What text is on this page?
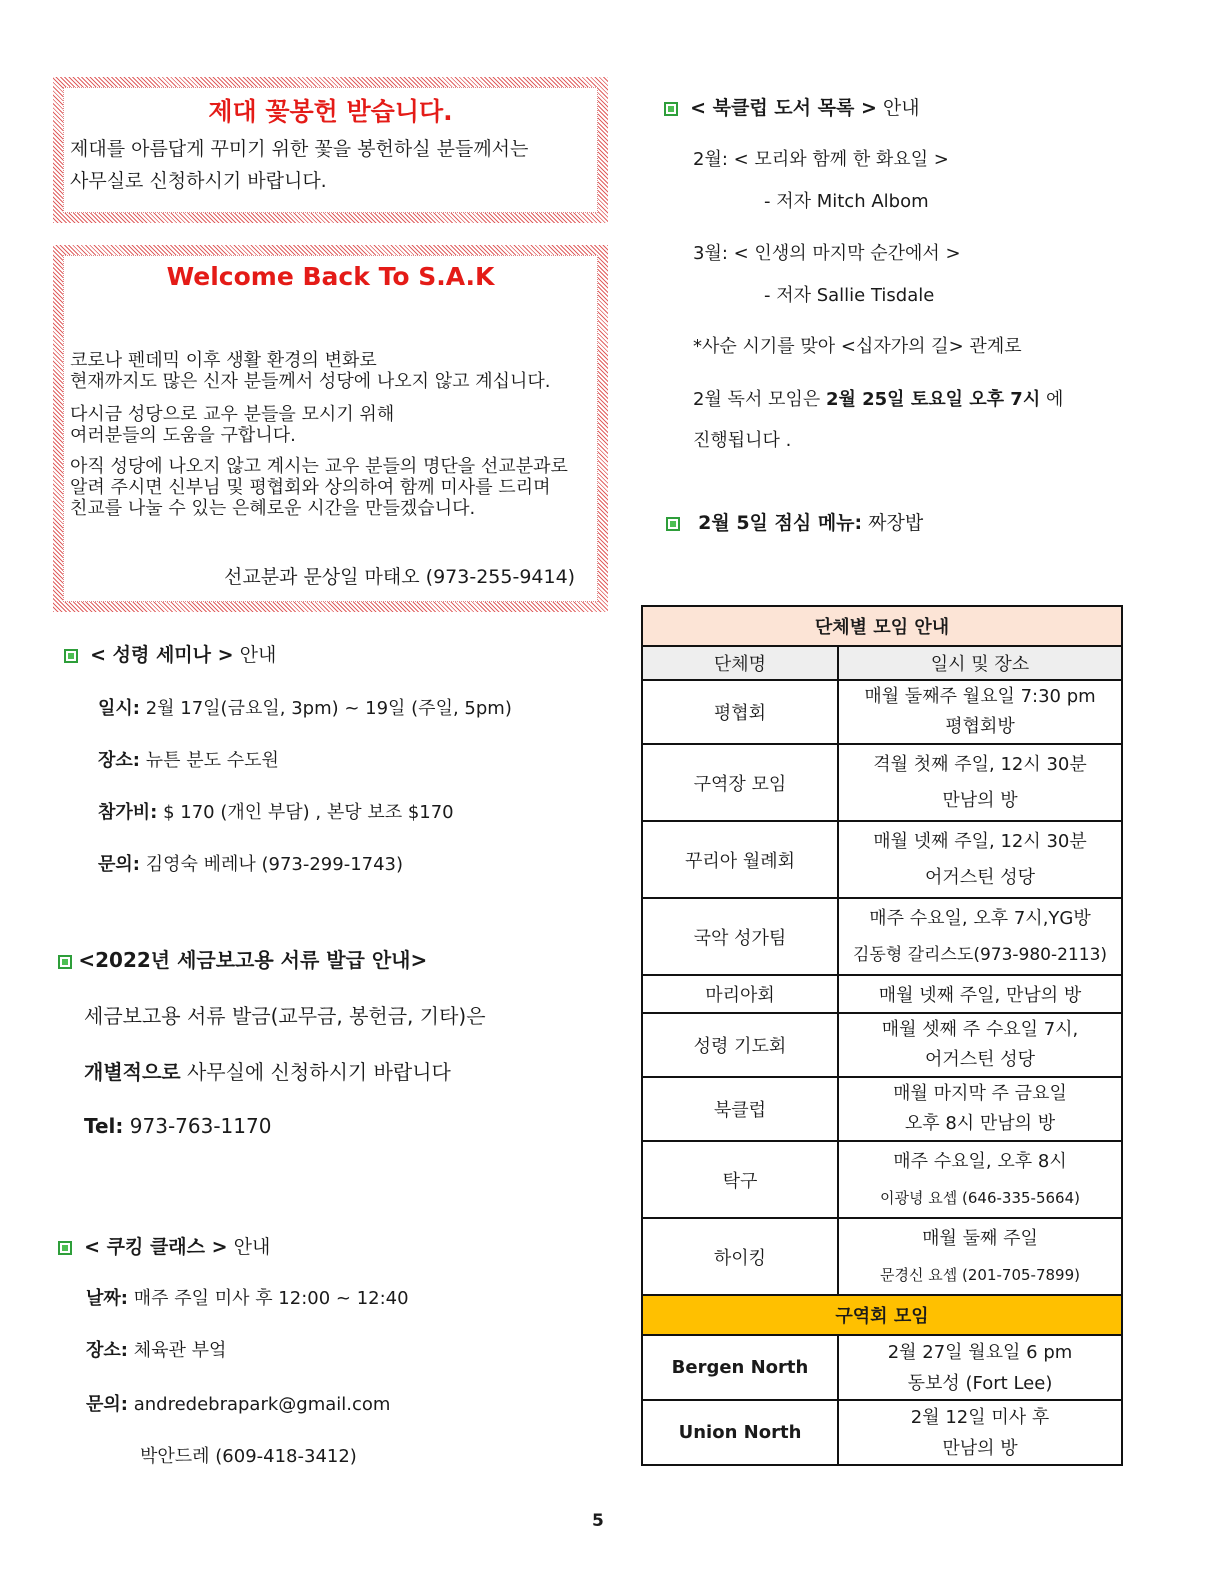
제대 꽃봉헌 받습니다.
제대를 아름답게 꾸미기 위한 꽃을 봉헌하실 분들께서는
사무실로 신청하시기 바랍니다.
Welcome Back To S.A.K
코로나 펜데믹 이후 생활 환경의 변화로
현재까지도 많은 신자 분들께서 성당에 나오지 않고 계십니다.
다시금 성당으로 교우 분들을 모시기 위해
여러분들의 도움을 구합니다.
아직 성당에 나오지 않고 계시는 교우 분들의 명단을 선교분과로
알려 주시면 신부님 및 평협회와 상의하여 함께 미사를 드리며
친교를 나눌 수 있는 은혜로운 시간을 만들겠습니다.
선교분과 문상일 마태오 (973-255-9414)
< 성령 세미나 > 안내
일시: 2월 17일(금요일, 3pm) ~ 19일 (주일, 5pm)
장소: 뉴튼 분도 수도원
참가비: $ 170 (개인 부담) , 본당 보조 $170
문의: 김영숙 베레나 (973-299-1743)
<2022년 세금보고용 서류 발급 안내>
세금보고용 서류 발금(교무금, 봉헌금, 기타)은
개별적으로 사무실에 신청하시기 바랍니다
Tel: 973-763-1170
< 쿠킹 클래스 > 안내
날짜: 매주 주일 미사 후 12:00 ~ 12:40
장소: 체육관 부엌
문의: andredebrapark@gmail.com
박안드레 (609-418-3412)
< 북클럽 도서 목록 > 안내
2월: < 모리와 함께 한 화요일 >
- 저자 Mitch Albom
3월: < 인생의 마지막 순간에서 >
- 저자 Sallie Tisdale
*사순 시기를 맞아 <십자가의 길> 관계로
2월 독서 모임은 2월 25일 토요일 오후 7시 에
진행됩니다 .
2월 5일 점심 메뉴: 짜장밥
단체별 모임 안내	
단체명	일시 및 장소
평협회	매월 둘째주 월요일 7:30 pm
평협회방

구역장 모임	격월 첫째 주일, 12시 30분
만남의 방

꾸리아 월례회	매월 넷째 주일, 12시 30분
어거스틴 성당

국악 성가팀	매주 수요일, 오후 7시,YG방
김동형 갈리스도(973-980-2113)

마리아회	매월 넷째 주일, 만남의 방
성령 기도회	매월 셋째 주 수요일 7시,
어거스틴 성당

북클럽	매월 마지막 주 금요일
오후 8시 만남의 방

탁구	매주 수요일, 오후 8시
이광녕 요셉 (646-335-5664)

하이킹	매월 둘째 주일
문경신 요셉 (201-705-7899)

구역회 모임	
Bergen North	2월 27일 월요일 6 pm
동보성 (Fort Lee)

Union North	2월 12일 미사 후
만남의 방
5
